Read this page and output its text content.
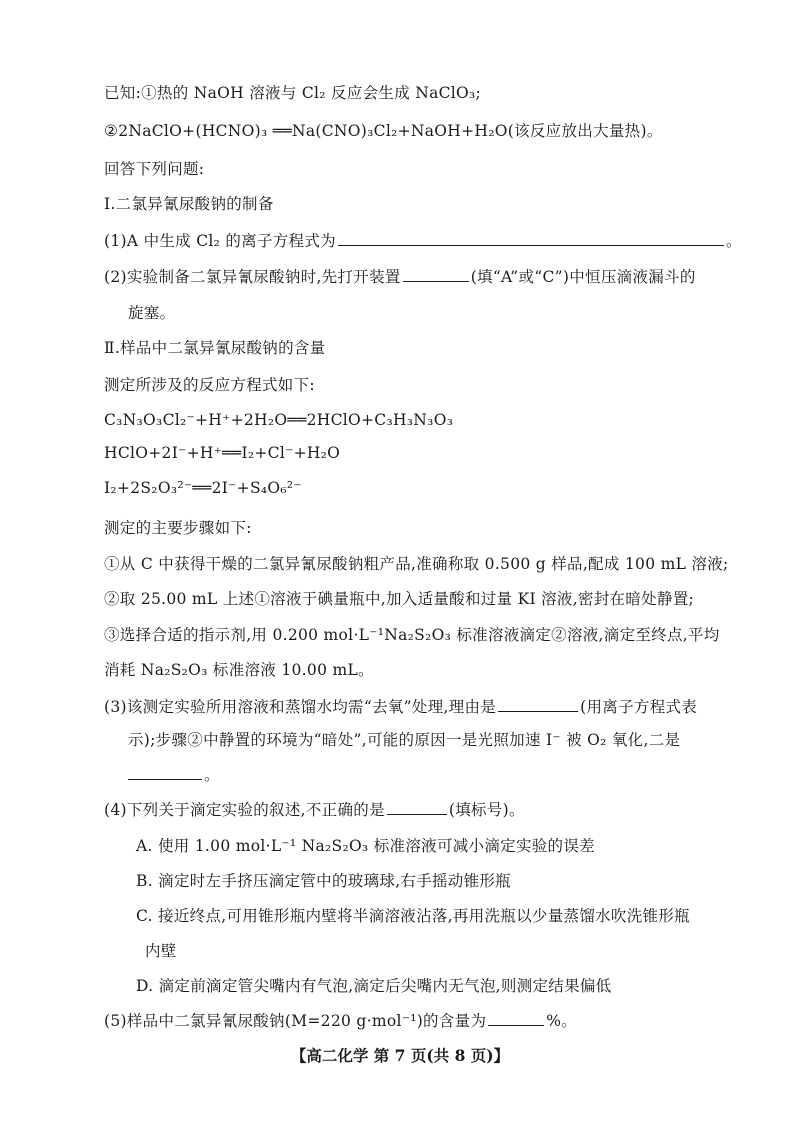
已知:①热的 NaOH 溶液与 Cl₂ 反应会生成 NaClO₃;
②2NaClO+(HCNO)₃ ══Na(CNO)₃Cl₂+NaOH+H₂O(该反应放出大量热)。
回答下列问题:
Ⅰ.二氯异氰尿酸钠的制备
(1)A 中生成 Cl₂ 的离子方程式为	。
(2)实验制备二氯异氰尿酸钠时,先打开装置	(填“A”或“C”)中恒压滴液漏斗的
旋塞。
Ⅱ.样品中二氯异氰尿酸钠的含量
测定所涉及的反应方程式如下:
C₃N₃O₃Cl₂⁻+H⁺+2H₂O══2HClO+C₃H₃N₃O₃
HClO+2I⁻+H⁺══I₂+Cl⁻+H₂O
I₂+2S₂O₃²⁻══2I⁻+S₄O₆²⁻
测定的主要步骤如下:
①从 C 中获得干燥的二氯异氰尿酸钠粗产品,准确称取 0.500 g 样品,配成 100 mL 溶液;
②取 25.00 mL 上述①溶液于碘量瓶中,加入适量酸和过量 KI 溶液,密封在暗处静置;
③选择合适的指示剂,用 0.200 mol·L⁻¹Na₂S₂O₃ 标准溶液滴定②溶液,滴定至终点,平均
消耗 Na₂S₂O₃ 标准溶液 10.00 mL。
(3)该测定实验所用溶液和蒸馏水均需“去氧”处理,理由是	(用离子方程式表
示);步骤②中静置的环境为“暗处”,可能的原因一是光照加速 I⁻ 被 O₂ 氧化,二是
。
(4)下列关于滴定实验的叙述,不正确的是	(填标号)。
A. 使用 1.00 mol·L⁻¹ Na₂S₂O₃ 标准溶液可减小滴定实验的误差
B. 滴定时左手挤压滴定管中的玻璃球,右手摇动锥形瓶
C. 接近终点,可用锥形瓶内壁将半滴溶液沾落,再用洗瓶以少量蒸馏水吹洗锥形瓶
内壁
D. 滴定前滴定管尖嘴内有气泡,滴定后尖嘴内无气泡,则测定结果偏低
(5)样品中二氯异氰尿酸钠(M=220 g·mol⁻¹)的含量为	%。
【高二化学 第 7 页(共 8 页)】
